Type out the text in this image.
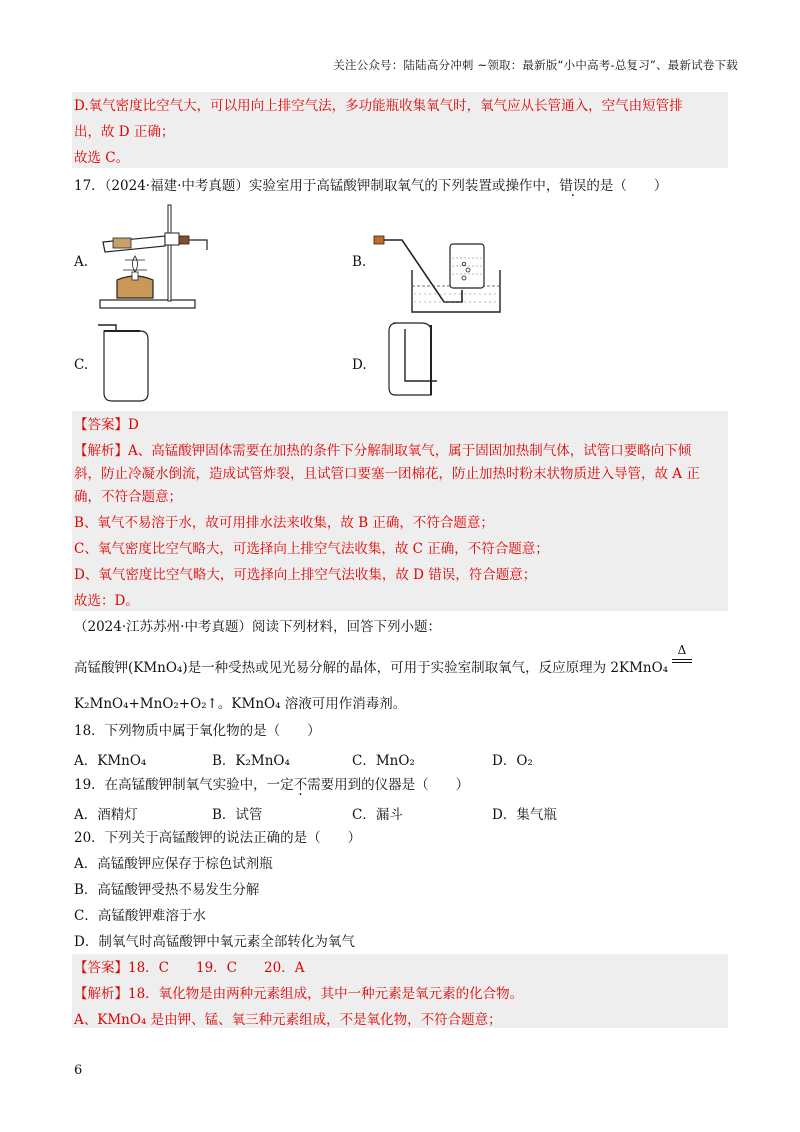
关注公众号：陆陆高分冲刺 ~领取：最新版“小中高考-总复习”、最新试卷下载
D.氧气密度比空气大，可以用向上排空气法，多功能瓶收集氧气时，氧气应从长管通入，空气由短管排
出，故 D 正确；
故选 C。
17．（2024·福建·中考真题）实验室用于高锰酸钾制取氧气的下列装置或操作中，错误的是（　　）
A.	B.
C.	D.
【答案】D
【解析】A、高锰酸钾固体需要在加热的条件下分解制取氧气，属于固固加热制气体，试管口要略向下倾
斜，防止冷凝水倒流，造成试管炸裂，且试管口要塞一团棉花，防止加热时粉末状物质进入导管，故 A 正
确，不符合题意；
B、氧气不易溶于水，故可用排水法来收集，故 B 正确，不符合题意；
C、氧气密度比空气略大，可选择向上排空气法收集，故 C 正确，不符合题意；
D、氧气密度比空气略大，可选择向上排空气法收集，故 D 错误，符合题意；
故选：D。
（2024·江苏苏州·中考真题）阅读下列材料，回答下列小题：
高锰酸钾(KMnO₄)是一种受热或见光易分解的晶体，可用于实验室制取氧气，反应原理为 2KMnO₄
Δ
K₂MnO₄+MnO₂+O₂↑。KMnO₄ 溶液可用作消毒剂。
18．下列物质中属于氧化物的是（　　）
A．KMnO₄	B．K₂MnO₄	C．MnO₂	D．O₂
19．在高锰酸钾制氧气实验中，一定不需要用到的仪器是（　　）
A．酒精灯	B．试管	C．漏斗	D．集气瓶
20．下列关于高锰酸钾的说法正确的是（　　）
A．高锰酸钾应保存于棕色试剂瓶
B．高锰酸钾受热不易发生分解
C．高锰酸钾难溶于水
D．制氧气时高锰酸钾中氧元素全部转化为氧气
【答案】18．C　　19．C　　20．A
【解析】18．氧化物是由两种元素组成，其中一种元素是氧元素的化合物。
A、KMnO₄ 是由钾、锰、氧三种元素组成，不是氧化物，不符合题意；
6
